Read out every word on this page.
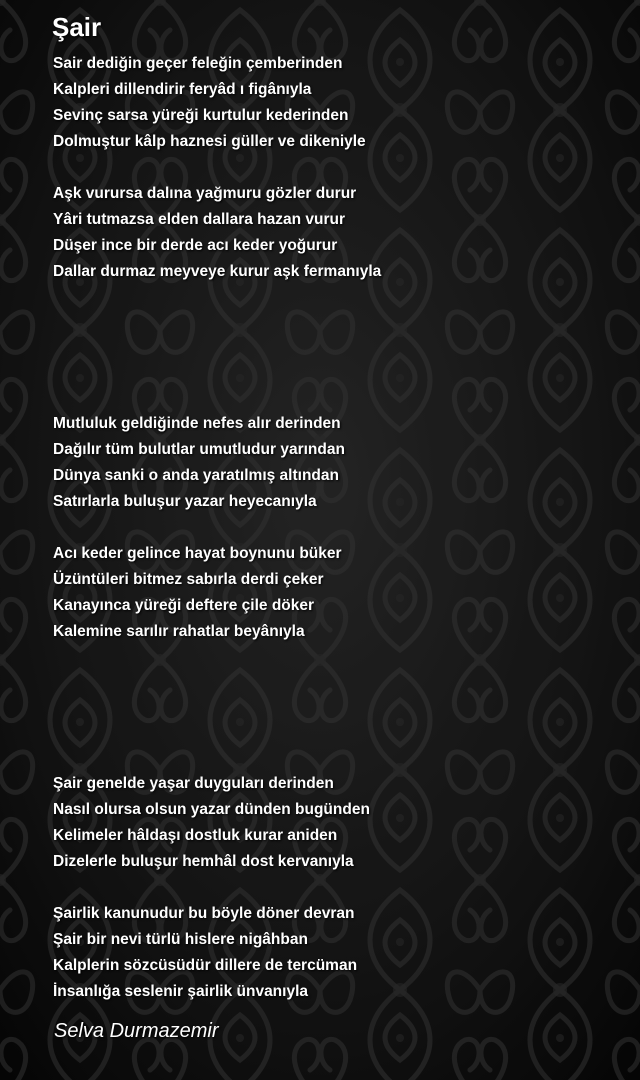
Şair
Sair dediğin geçer feleğin çemberinden
Kalpleri dillendirir feryâd ı figânıyla
Sevinç sarsa yüreği kurtulur kederinden
Dolmuştur kâlp haznesi güller ve dikeniyle
Aşk vurursa dalına yağmuru gözler durur
Yâri tutmazsa elden dallara hazan vurur
Düşer ince bir derde acı keder yoğurur
Dallar durmaz meyveye kurur aşk fermanıyla
Mutluluk geldiğinde nefes alır derinden
Dağılır tüm bulutlar umutludur yarından
Dünya sanki o anda yaratılmış altından
Satırlarla buluşur yazar heyecanıyla
Acı keder gelince hayat boynunu büker
Üzüntüleri bitmez sabırla derdi çeker
Kanayınca yüreği deftere çile döker
Kalemine sarılır rahatlar beyânıyla
Şair genelde yaşar duyguları derinden
Nasıl olursa olsun yazar dünden bugünden
Kelimeler hâldaşı dostluk kurar aniden
Dizelerle buluşur hemhâl dost kervanıyla
Şairlik kanunudur bu böyle döner devran
Şair bir nevi türlü hislere nigâhban
Kalplerin sözcüsüdür dillere de tercüman
İnsanlığa seslenir şairlik ünvanıyla
Selva Durmazemir
